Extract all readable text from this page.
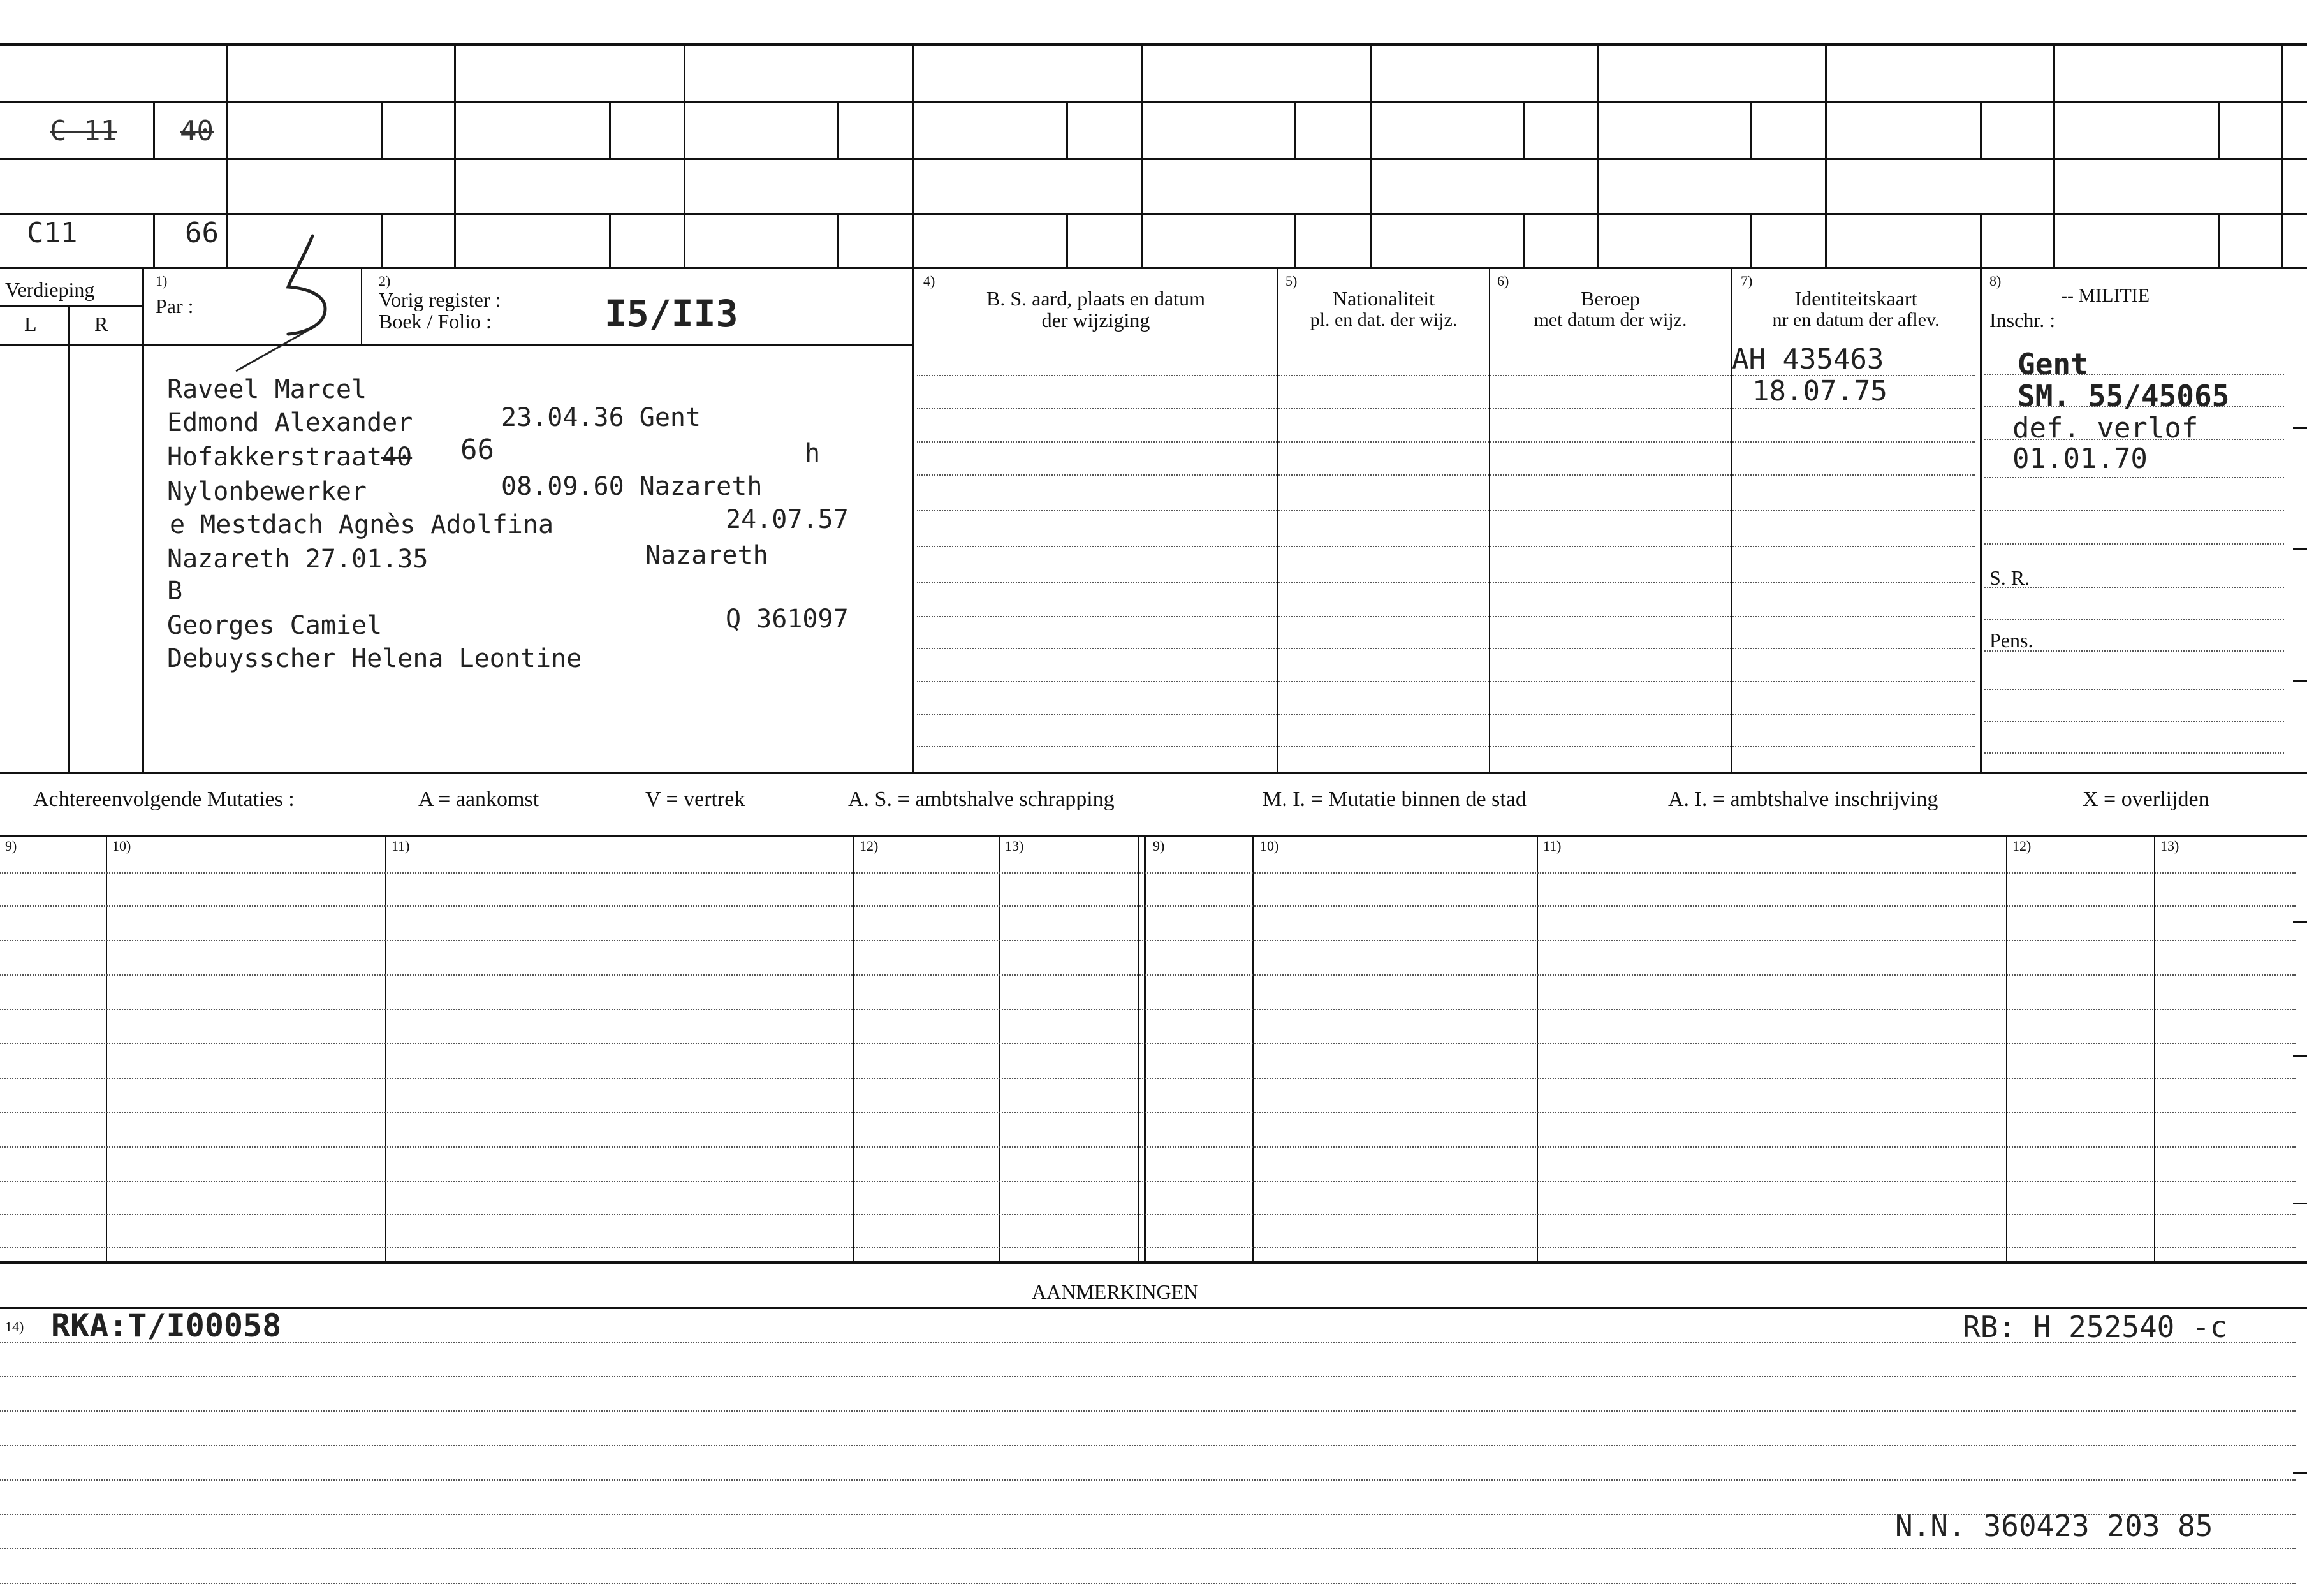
C 11 40
C11	66
Verdieping
L	R
1)
Par :
2)
Vorig register :
Boek / Folio :	I5/II3
4)
B. S. aard, plaats en datum
der wijziging
5)
Nationaliteit
pl. en dat. der wijz.
6)
Beroep
met datum der wijz.
7)
Identiteitskaart
nr en datum der aflev.
8)
-- MILITIE
Inschr. :
Raveel Marcel
Edmond Alexander	23.04.36 Gent
Hofakkerstraat
40 66	h
Nylonbewerker	08.09.60 Nazareth
e Mestdach Agnès Adolfina	24.07.57
Nazareth 27.01.35	Nazareth
B
Georges Camiel	Q 361097
Debuysscher Helena Leontine
AH 435463
18.07.75
Gent
SM. 55/45065
def. verlof
01.01.70
S. R.
Pens.
Achtereenvolgende Mutaties :	A = aankomst	V = vertrek	A. S. = ambtshalve schrapping	M. I. = Mutatie binnen de stad	A. I. = ambtshalve inschrijving	X = overlijden
9)	10)	11)	12)	13)	9)	10)	11)	12)	13)
AANMERKINGEN
14) RKA:T/I00058	RB: H 252540 -c
N.N. 360423 203 85
